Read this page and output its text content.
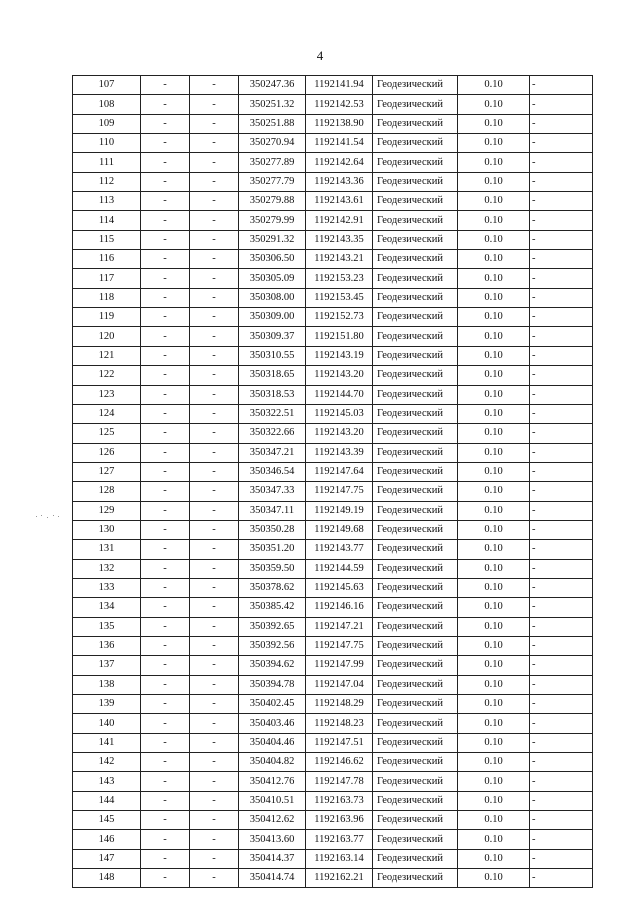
4
107	-	-	350247.36	1192141.94	Геодезический	0.10	-
108	-	-	350251.32	1192142.53	Геодезический	0.10	-
109	-	-	350251.88	1192138.90	Геодезический	0.10	-
110	-	-	350270.94	1192141.54	Геодезический	0.10	-
111	-	-	350277.89	1192142.64	Геодезический	0.10	-
112	-	-	350277.79	1192143.36	Геодезический	0.10	-
113	-	-	350279.88	1192143.61	Геодезический	0.10	-
114	-	-	350279.99	1192142.91	Геодезический	0.10	-
115	-	-	350291.32	1192143.35	Геодезический	0.10	-
116	-	-	350306.50	1192143.21	Геодезический	0.10	-
117	-	-	350305.09	1192153.23	Геодезический	0.10	-
118	-	-	350308.00	1192153.45	Геодезический	0.10	-
119	-	-	350309.00	1192152.73	Геодезический	0.10	-
120	-	-	350309.37	1192151.80	Геодезический	0.10	-
121	-	-	350310.55	1192143.19	Геодезический	0.10	-
122	-	-	350318.65	1192143.20	Геодезический	0.10	-
123	-	-	350318.53	1192144.70	Геодезический	0.10	-
124	-	-	350322.51	1192145.03	Геодезический	0.10	-
125	-	-	350322.66	1192143.20	Геодезический	0.10	-
126	-	-	350347.21	1192143.39	Геодезический	0.10	-
127	-	-	350346.54	1192147.64	Геодезический	0.10	-
128	-	-	350347.33	1192147.75	Геодезический	0.10	-
129	-	-	350347.11	1192149.19	Геодезический	0.10	-
130	-	-	350350.28	1192149.68	Геодезический	0.10	-
131	-	-	350351.20	1192143.77	Геодезический	0.10	-
132	-	-	350359.50	1192144.59	Геодезический	0.10	-
133	-	-	350378.62	1192145.63	Геодезический	0.10	-
134	-	-	350385.42	1192146.16	Геодезический	0.10	-
135	-	-	350392.65	1192147.21	Геодезический	0.10	-
136	-	-	350392.56	1192147.75	Геодезический	0.10	-
137	-	-	350394.62	1192147.99	Геодезический	0.10	-
138	-	-	350394.78	1192147.04	Геодезический	0.10	-
139	-	-	350402.45	1192148.29	Геодезический	0.10	-
140	-	-	350403.46	1192148.23	Геодезический	0.10	-
141	-	-	350404.46	1192147.51	Геодезический	0.10	-
142	-	-	350404.82	1192146.62	Геодезический	0.10	-
143	-	-	350412.76	1192147.78	Геодезический	0.10	-
144	-	-	350410.51	1192163.73	Геодезический	0.10	-
145	-	-	350412.62	1192163.96	Геодезический	0.10	-
146	-	-	350413.60	1192163.77	Геодезический	0.10	-
147	-	-	350414.37	1192163.14	Геодезический	0.10	-
148	-	-	350414.74	1192162.21	Геодезический	0.10	-
